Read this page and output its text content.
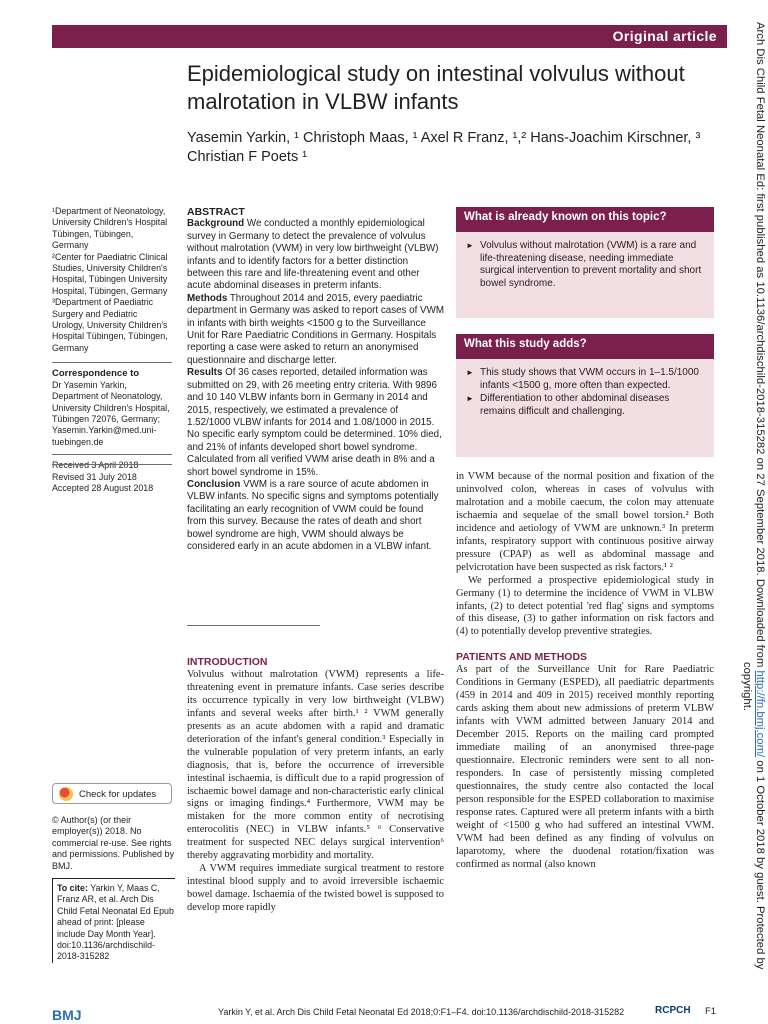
Original article
Epidemiological study on intestinal volvulus without malrotation in VLBW infants
Yasemin Yarkin, ¹ Christoph Maas, ¹ Axel R Franz, ¹,² Hans-Joachim Kirschner, ³
Christian F Poets ¹

¹Department of Neonatology, University Children's Hospital Tübingen, Tübingen, Germany

²Center for Paediatric Clinical Studies, University Children's Hospital, Tübingen University Hospital, Tübingen, Germany

³Department of Paediatric Surgery and Pediatric Urology, University Children's Hospital Tübingen, Tübingen, Germany

Correspondence to

Dr Yasemin Yarkin, Department of Neonatology, University Children's Hospital, Tübingen 72076, Germany; Yasemin.Yarkin@med.uni-tuebingen.de

Received 3 April 2018

Revised 31 July 2018

Accepted 28 August 2018

ABSTRACT
Background We conducted a monthly epidemiological survey in Germany to detect the prevalence of volvulus without malrotation (VWM) in very low birthweight (VLBW) infants and to identify factors for a better distinction between this rare and life-threatening event and other acute abdominal diseases in preterm infants.
Methods Throughout 2014 and 2015, every paediatric department in Germany was asked to report cases of VWM in infants with birth weights <1500 g to the Surveillance Unit for Rare Paediatric Conditions in Germany. Hospitals reporting a case were asked to return an anonymised questionnaire and discharge letter.
Results Of 36 cases reported, detailed information was submitted on 29, with 26 meeting entry criteria. With 9896 and 10 140 VLBW infants born in Germany in 2014 and 2015, respectively, we estimated a prevalence of 1.52/1000 VLBW infants for 2014 and 1.08/1000 in 2015. No specific early symptom could be determined. 10% died, and 21% of infants developed short bowel syndrome. Calculated from all verified VWM arise death in 8% and a short bowel syndrome in 15%.
Conclusion VWM is a rare source of acute abdomen in VLBW infants. No specific signs and symptoms potentially facilitating an early recognition of VWM could be found from this survey. Because the rates of death and short bowel syndrome are high, VWM should always be considered early in an acute abdomen in a VLBW infant.
What is already known on this topic?
► Volvulus without malrotation (VWM) is a rare and life-threatening disease, needing immediate surgical intervention to prevent mortality and short bowel syndrome.
What this study adds?
► This study shows that VWM occurs in 1–1.5/1000 infants <1500 g, more often than expected.
► Differentiation to other abdominal diseases remains difficult and challenging.
INTRODUCTION

Volvulus without malrotation (VWM) represents a life-threatening event in premature infants. Case series describe its occurrence typically in very low birthweight (VLBW) infants and several weeks after birth.¹ ² VWM generally presents as an acute abdomen with a rapid and dramatic deterioration of the infant's general condition.³ Especially in the vulnerable population of very preterm infants, an early diagnosis, that is, before the occurrence of irreversible intestinal ischaemia, is difficult due to a rapid progression of ischaemic bowel damage and non-characteristic early clinical signs or imaging findings.⁴ Furthermore, VWM may be mistaken for the more common entity of necrotising enterocolitis (NEC) in VLBW infants.⁵ ⁶ Conservative treatment for suspected NEC delays surgical intervention⁶ thereby aggravating morbidity and mortality.

A VWM requires immediate surgical treatment to restore intestinal blood supply and to avoid irreversible ischaemic bowel damage. Ischaemia of the twisted bowel is supposed to develop more rapidly

in VWM because of the normal position and fixation of the uninvolved colon, whereas in cases of volvulus with malrotation and a mobile caecum, the colon may attenuate ischaemia and sequelae of the small bowel torsion.² Both incidence and aetiology of VWM are unknown.³ In preterm infants, respiratory support with continuous positive airway pressure (CPAP) as well as abdominal massage and pelvicrotation have been suspected as risk factors.¹ ²

We performed a prospective epidemiological study in Germany (1) to determine the incidence of VWM in VLBW infants, (2) to detect potential 'red flag' signs and symptoms of this disease, (3) to gather information on risk factors and (4) to potentially develop preventive strategies.

PATIENTS AND METHODS

As part of the Surveillance Unit for Rare Paediatric Conditions in Germany (ESPED), all paediatric departments (459 in 2014 and 409 in 2015) received monthly reporting cards asking them about new admissions of preterm VLBW infants with VWM admitted between January 2014 and December 2015. Reports on the mailing card prompted immediate mailing of an anonymised three-page questionnaire. Electronic reminders were sent to all non-responders. In case of persistently missing completed questionnaires, the study centre also contacted the local person responsible for the ESPED collaboration to maximise response rates. Captured were all preterm infants with a birth weight of <1500 g who had suffered an intestinal VWM. VWM had been defined as any finding of volvulus on laparotomy, where the duodenal rotation/fixation was confirmed as normal (also known

Check for updates
© Author(s) (or their employer(s)) 2018. No commercial re-use. See rights and permissions. Published by BMJ.
To cite: Yarkin Y, Maas C, Franz AR, et al. Arch Dis Child Fetal Neonatal Ed Epub ahead of print: [please include Day Month Year]. doi:10.1136/archdischild-2018-315282
BMJ	Yarkin Y, et al. Arch Dis Child Fetal Neonatal Ed 2018;0:F1–F4. doi:10.1136/archdischild-2018-315282	RCPCH F1
Arch Dis Child Fetal Neonatal Ed: first published as 10.1136/archdischild-2018-315282 on 27 September 2018. Downloaded from http://fn.bmj.com/ on 1 October 2018 by guest. Protected by
copyright.
